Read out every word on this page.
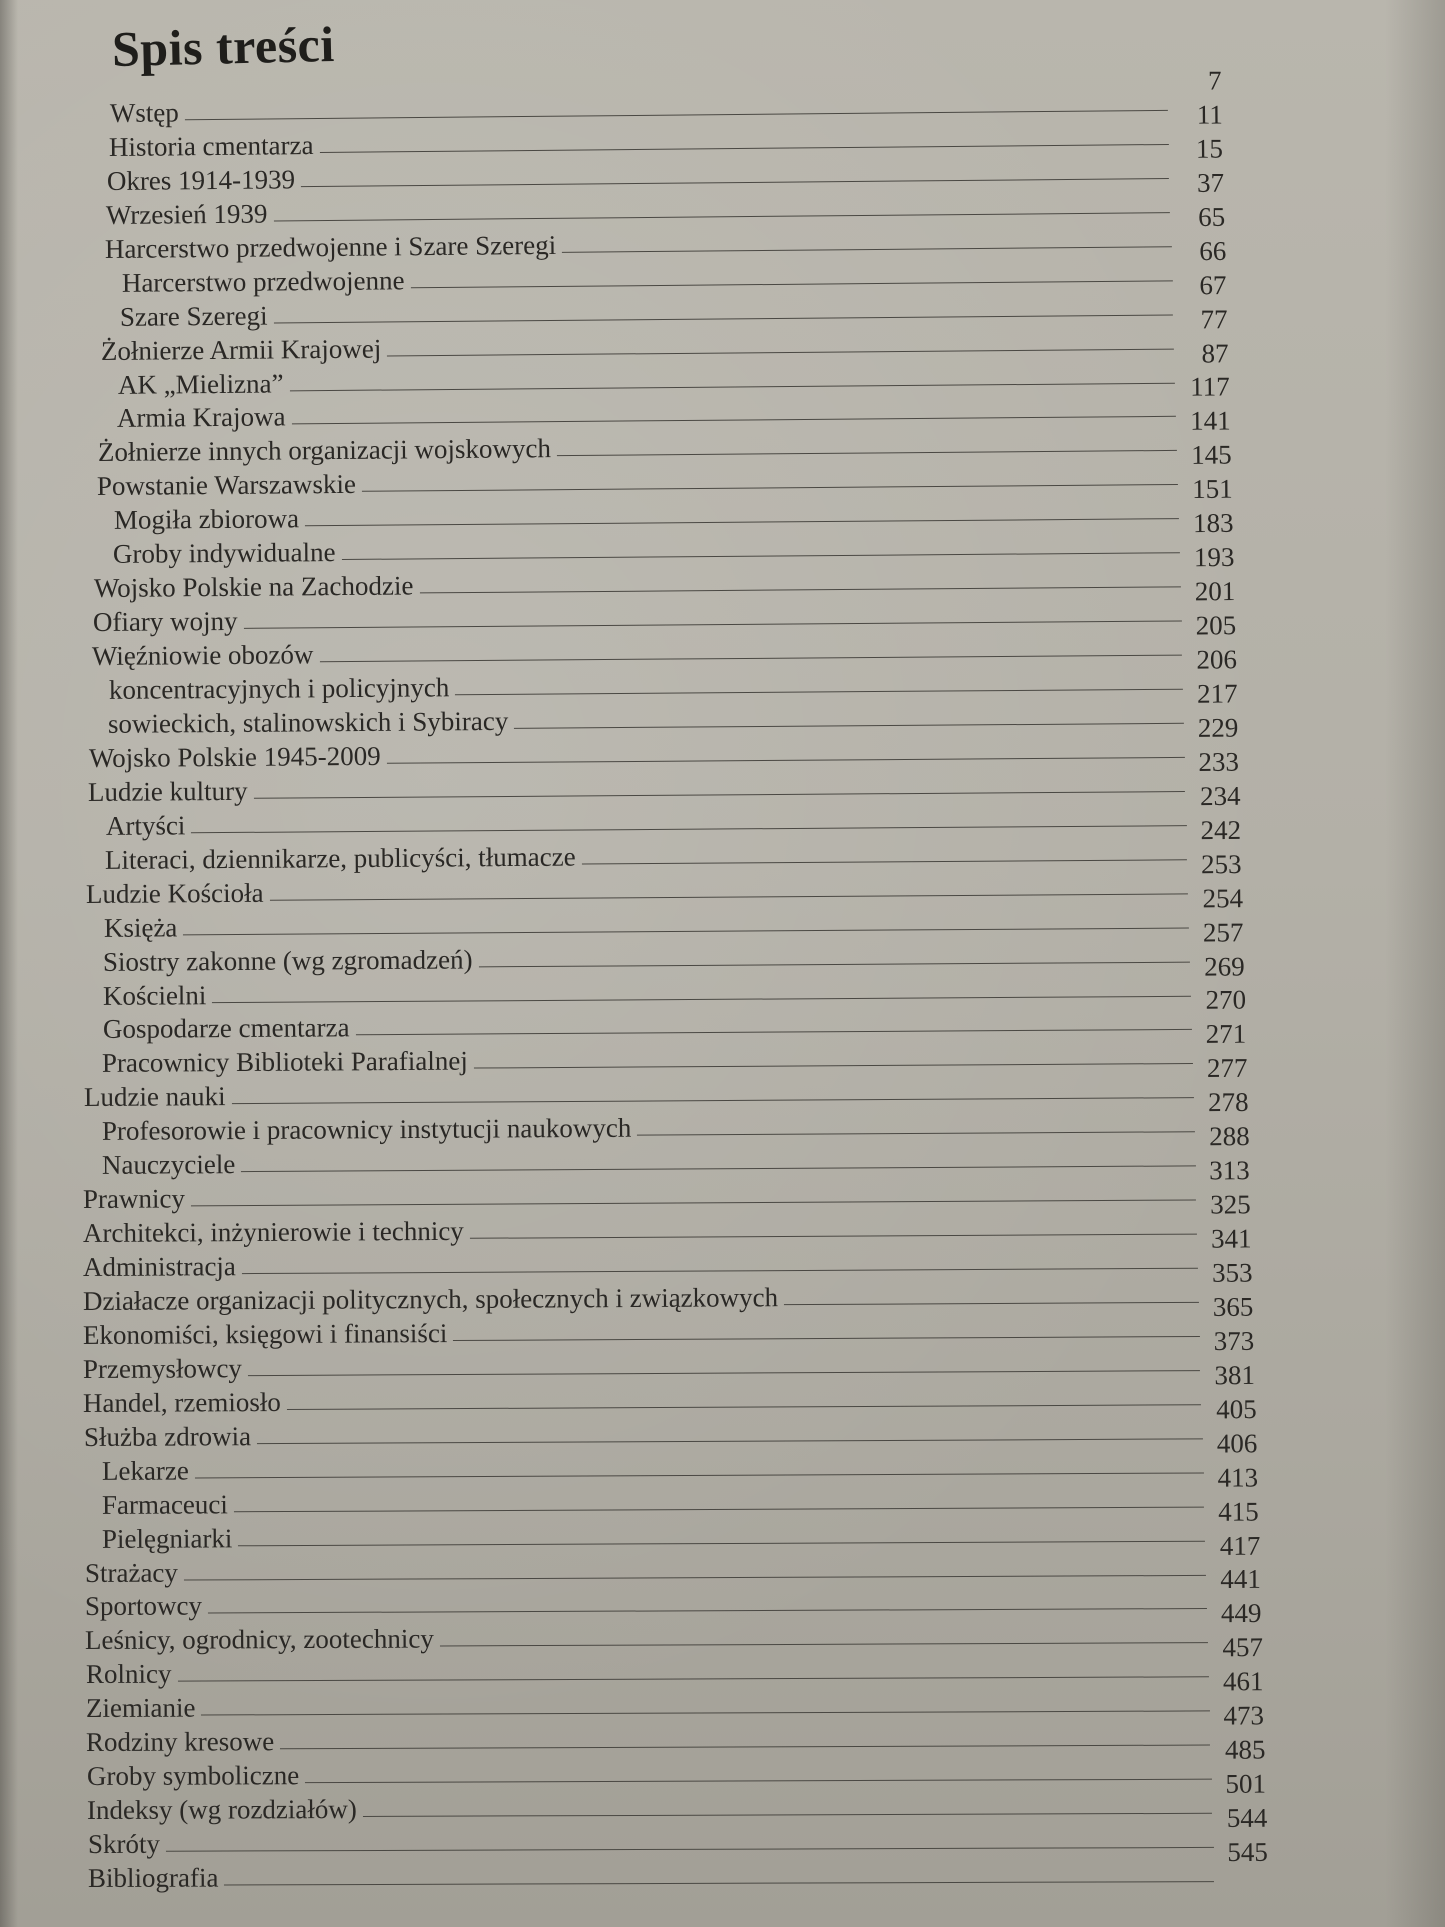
Spis treści
Wstęp
7
Historia cmentarza
11
Okres 1914-1939
15
Wrzesień 1939
37
Harcerstwo przedwojenne i Szare Szeregi
65
Harcerstwo przedwojenne
66
Szare Szeregi
67
Żołnierze Armii Krajowej
77
AK „Mielizna”
87
Armia Krajowa
117
Żołnierze innych organizacji wojskowych
141
Powstanie Warszawskie
145
Mogiła zbiorowa
151
Groby indywidualne
183
Wojsko Polskie na Zachodzie
193
Ofiary wojny
201
Więźniowie obozów
205
koncentracyjnych i policyjnych
206
sowieckich, stalinowskich i Sybiracy
217
Wojsko Polskie 1945-2009
229
Ludzie kultury
233
Artyści
234
Literaci, dziennikarze, publicyści, tłumacze
242
Ludzie Kościoła
253
Księża
254
Siostry zakonne (wg zgromadzeń)
257
Kościelni
269
Gospodarze cmentarza
270
Pracownicy Biblioteki Parafialnej
271
Ludzie nauki
277
Profesorowie i pracownicy instytucji naukowych
278
Nauczyciele
288
Prawnicy
313
Architekci, inżynierowie i technicy
325
Administracja
341
Działacze organizacji politycznych, społecznych i związkowych
353
Ekonomiści, księgowi i finansiści
365
Przemysłowcy
373
Handel, rzemiosło
381
Służba zdrowia
405
Lekarze
406
Farmaceuci
413
Pielęgniarki
415
Strażacy
417
Sportowcy
441
Leśnicy, ogrodnicy, zootechnicy
449
Rolnicy
457
Ziemianie
461
Rodziny kresowe
473
Groby symboliczne
485
Indeksy (wg rozdziałów)
501
Skróty
544
Bibliografia
545
